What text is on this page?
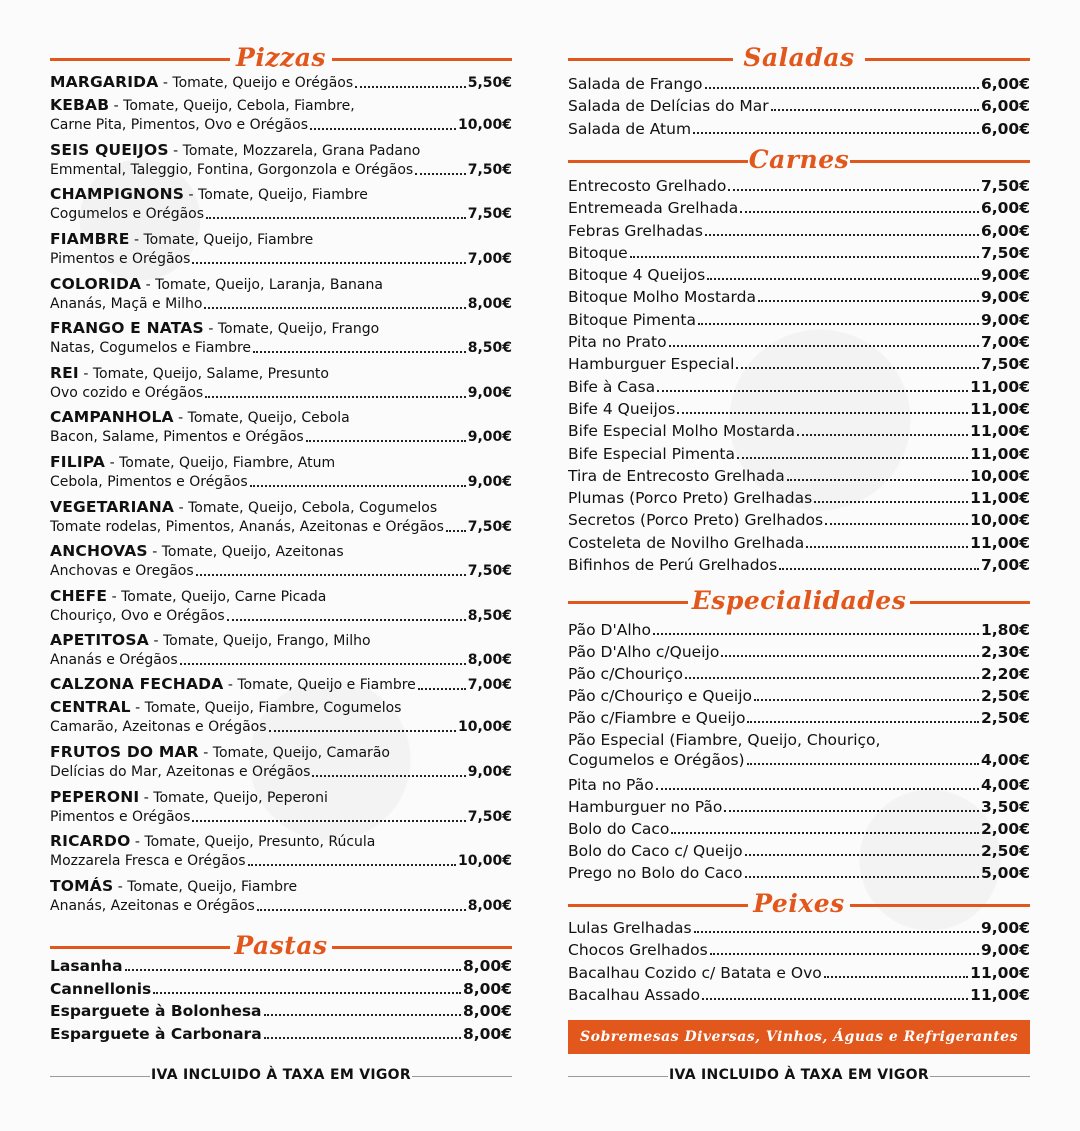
Pizzas
MARGARIDA - Tomate, Queijo e Orégãos	5,50€
KEBAB - Tomate, Queijo, Cebola, Fiambre,
Carne Pita, Pimentos, Ovo e Orégãos	10,00€
SEIS QUEIJOS - Tomate, Mozzarela, Grana Padano
Emmental, Taleggio, Fontina, Gorgonzola e Orégãos	7,50€
CHAMPIGNONS - Tomate, Queijo, Fiambre
Cogumelos e Orégãos	7,50€
FIAMBRE - Tomate, Queijo, Fiambre
Pimentos e Orégãos	7,00€
COLORIDA - Tomate, Queijo, Laranja, Banana
Ananás, Maçã e Milho	8,00€
FRANGO E NATAS - Tomate, Queijo, Frango
Natas, Cogumelos e Fiambre	8,50€
REI - Tomate, Queijo, Salame, Presunto
Ovo cozido e Orégãos	9,00€
CAMPANHOLA - Tomate, Queijo, Cebola
Bacon, Salame, Pimentos e Orégãos	9,00€
FILIPA - Tomate, Queijo, Fiambre, Atum
Cebola, Pimentos e Orégãos	9,00€
VEGETARIANA - Tomate, Queijo, Cebola, Cogumelos
Tomate rodelas, Pimentos, Ananás, Azeitonas e Orégãos 7,50€
ANCHOVAS - Tomate, Queijo, Azeitonas
Anchovas e Oregãos	7,50€
CHEFE - Tomate, Queijo, Carne Picada
Chouriço, Ovo e Orégãos	8,50€
APETITOSA - Tomate, Queijo, Frango, Milho
Ananás e Orégãos	8,00€
CALZONA FECHADA - Tomate, Queijo e Fiambre	7,00€
CENTRAL - Tomate, Queijo, Fiambre, Cogumelos
Camarão, Azeitonas e Orégãos	10,00€
FRUTOS DO MAR - Tomate, Queijo, Camarão
Delícias do Mar, Azeitonas e Orégãos	9,00€
PEPERONI - Tomate, Queijo, Peperoni
Pimentos e Orégãos	7,50€
RICARDO - Tomate, Queijo, Presunto, Rúcula
Mozzarela Fresca e Orégãos	10,00€
TOMÁS - Tomate, Queijo, Fiambre
Ananás, Azeitonas e Orégãos	8,00€
Pastas
Lasanha	8,00€
Cannellonis	8,00€
Esparguete à Bolonhesa	8,00€
Esparguete à Carbonara	8,00€
IVA INCLUIDO À TAXA EM VIGOR
Saladas
Salada de Frango	6,00€
Salada de Delícias do Mar	6,00€
Salada de Atum	6,00€
Carnes
Entrecosto Grelhado	7,50€
Entremeada Grelhada	6,00€
Febras Grelhadas	6,00€
Bitoque	7,50€
Bitoque 4 Queijos	9,00€
Bitoque Molho Mostarda	9,00€
Bitoque Pimenta	9,00€
Pita no Prato	7,00€
Hamburguer Especial	7,50€
Bife à Casa	11,00€
Bife 4 Queijos	11,00€
Bife Especial Molho Mostarda	11,00€
Bife Especial Pimenta	11,00€
Tira de Entrecosto Grelhada	10,00€
Plumas (Porco Preto) Grelhadas	11,00€
Secretos (Porco Preto) Grelhados	10,00€
Costeleta de Novilho Grelhada	11,00€
Bifinhos de Perú Grelhados	7,00€
Especialidades
Pão D'Alho	1,80€
Pão D'Alho c/Queijo	2,30€
Pão c/Chouriço	2,20€
Pão c/Chouriço e Queijo	2,50€
Pão c/Fiambre e Queijo	2,50€
Pão Especial (Fiambre, Queijo, Chouriço,
Cogumelos e Orégãos)	4,00€
Pita no Pão	4,00€
Hamburguer no Pão	3,50€
Bolo do Caco	2,00€
Bolo do Caco c/ Queijo	2,50€
Prego no Bolo do Caco	5,00€
Peixes
Lulas Grelhadas	9,00€
Chocos Grelhados	9,00€
Bacalhau Cozido c/ Batata e Ovo	11,00€
Bacalhau Assado	11,00€
IVA INCLUIDO À TAXA EM VIGOR
Sobremesas Diversas, Vinhos, Águas e Refrigerantes
